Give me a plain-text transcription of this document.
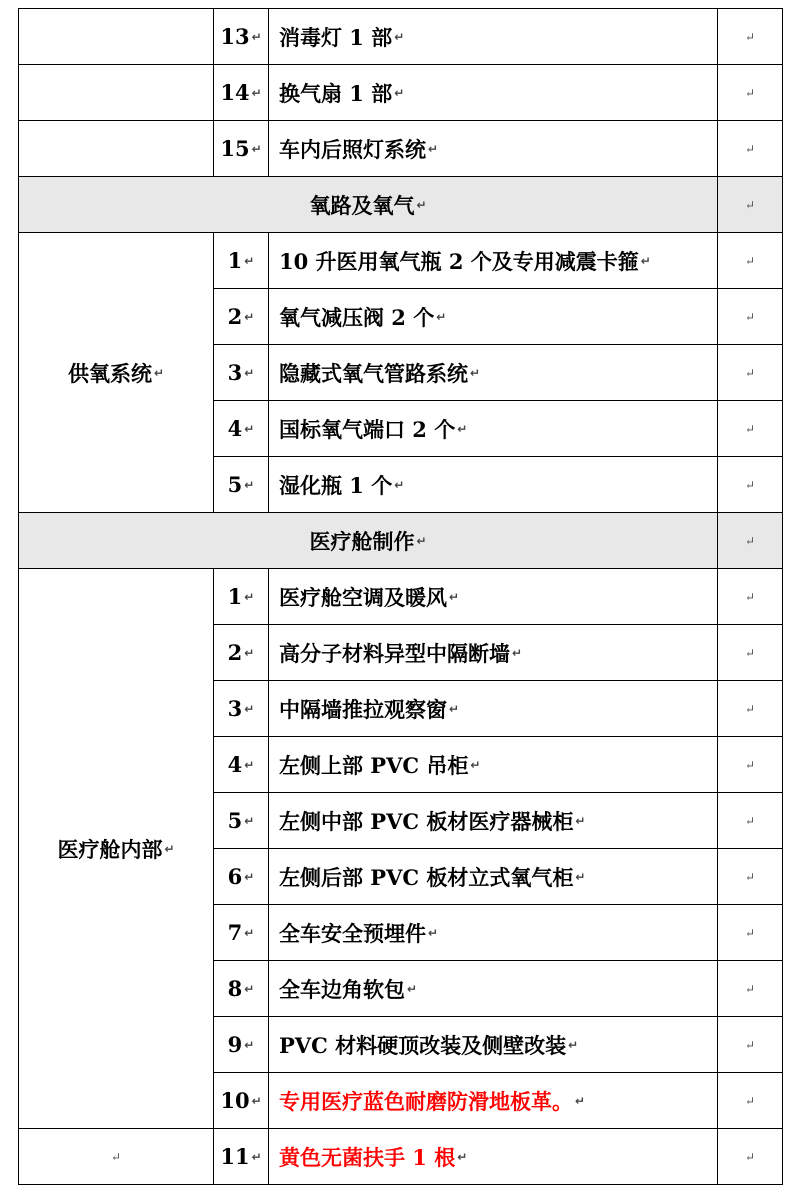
	13 ↵	消毒灯 1 部 ↵	↵

	14 ↵	换气扇 1 部 ↵	↵

	15 ↵	车内后照灯系统 ↵	↵

氧路及氧气 ↵			↵

供氧系统 ↵	1 ↵	10 升医用氧气瓶 2 个及专用减震卡箍 ↵	↵

	2 ↵	氧气减压阀 2 个 ↵	↵

	3 ↵	隐藏式氧气管路系统 ↵	↵

	4 ↵	国标氧气端口 2 个 ↵	↵

	5 ↵	湿化瓶 1 个 ↵	↵

医疗舱制作 ↵			↵

医疗舱内部 ↵	1 ↵	医疗舱空调及暖风 ↵	↵

	2 ↵	高分子材料异型中隔断墙 ↵	↵

	3 ↵	中隔墙推拉观察窗 ↵	↵

	4 ↵	左侧上部 PVC 吊柜 ↵	↵

	5 ↵	左侧中部 PVC 板材医疗器械柜 ↵	↵

	6 ↵	左侧后部 PVC 板材立式氧气柜 ↵	↵

	7 ↵	全车安全预埋件 ↵	↵

	8 ↵	全车边角软包 ↵	↵

	9 ↵	PVC 材料硬顶改装及侧壁改装 ↵	↵

	10 ↵	专用医疗蓝色耐磨防滑地板革。 ↵	↵

↵	11 ↵	黄色无菌扶手 1 根 ↵	↵
